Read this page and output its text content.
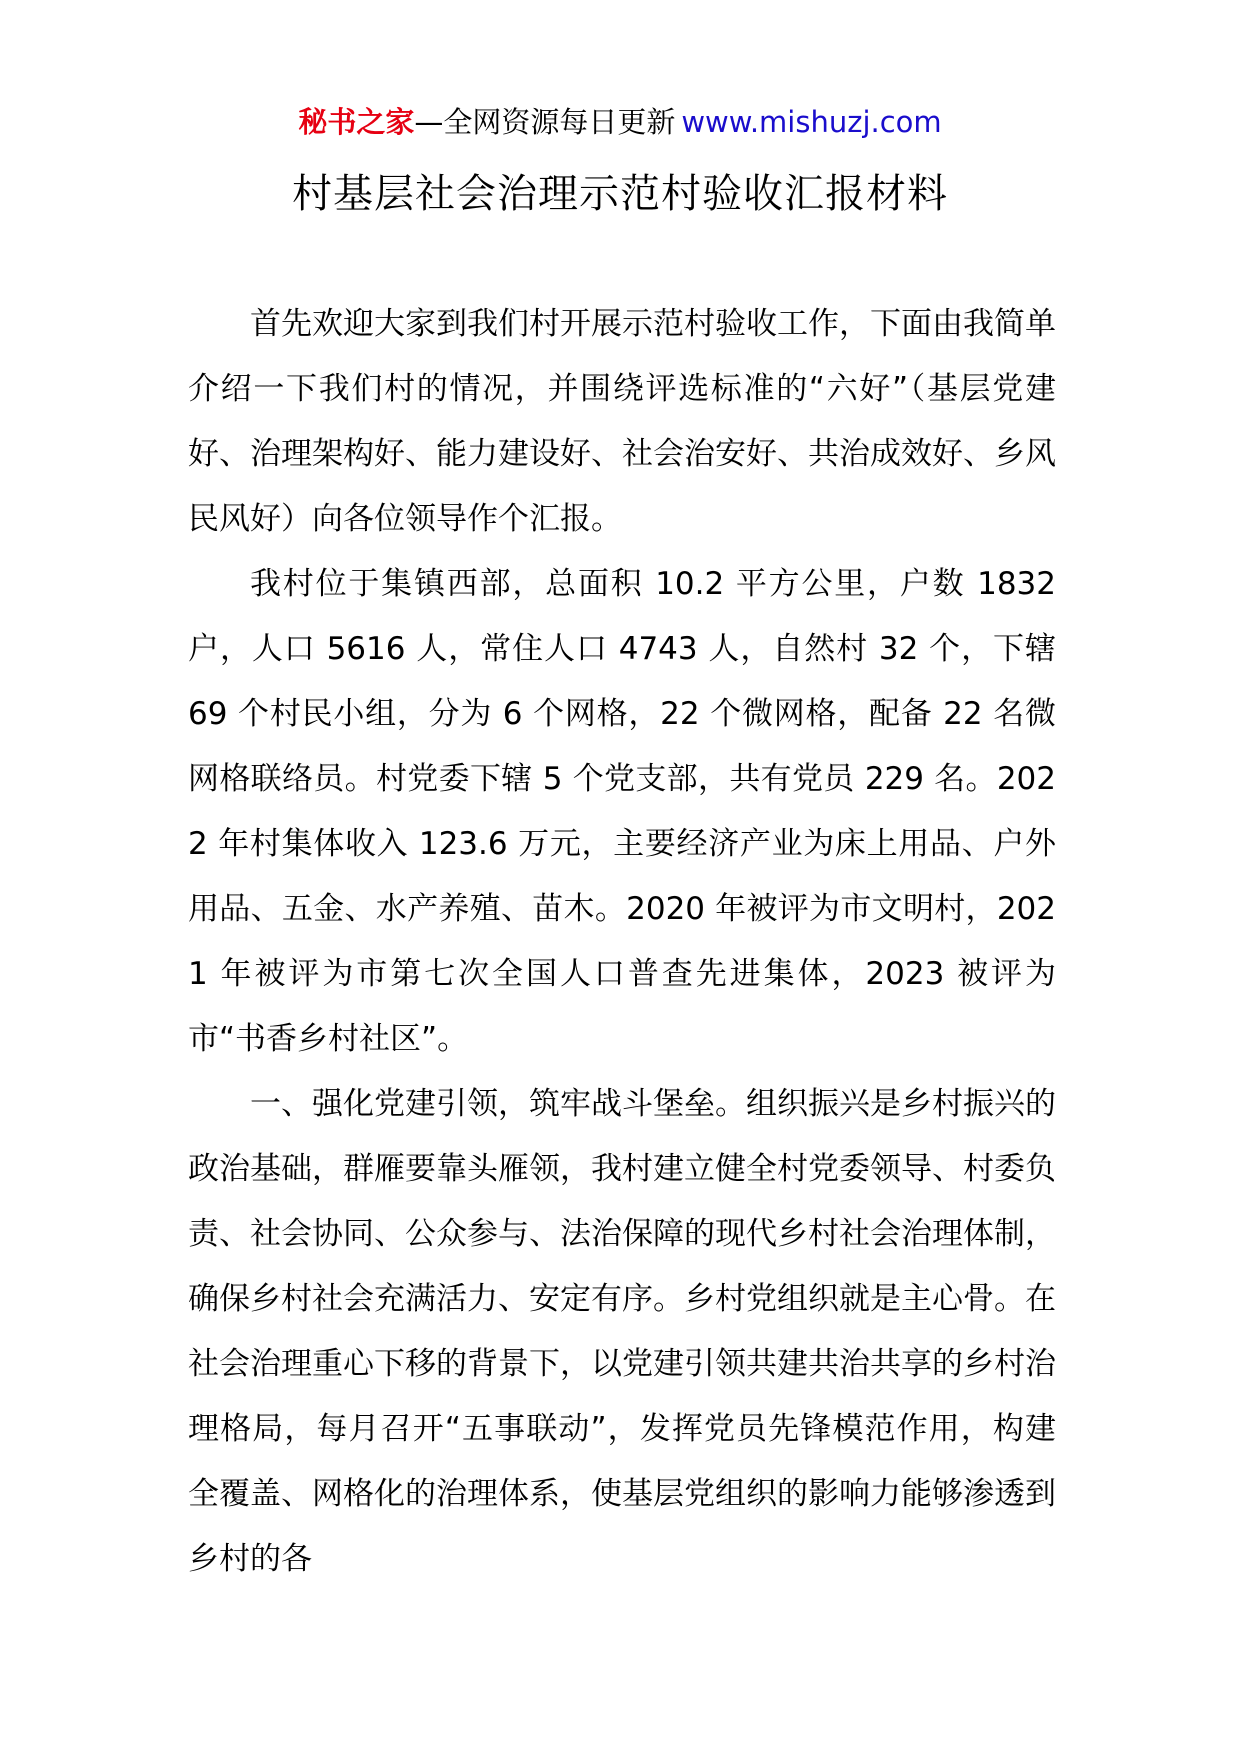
秘书之家—全网资源每日更新 www.mishuzj.com
村基层社会治理示范村验收汇报材料

首先欢迎大家到我们村开展示范村验收工作，下面由我简单介绍一下我们村的情况，并围绕评选标准的“六好”（基层党建好、治理架构好、能力建设好、社会治安好、共治成效好、乡风民风好）向各位领导作个汇报。

我村位于集镇西部，总面积 10.2 平方公里，户数 1832 户，人口 5616 人，常住人口 4743 人，自然村 32 个，下辖 69 个村民小组，分为 6 个网格，22 个微网格，配备 22 名微网格联络员。村党委下辖 5 个党支部，共有党员 229 名。2022 年村集体收入 123.6 万元，主要经济产业为床上用品、户外用品、五金、水产养殖、苗木。2020 年被评为市文明村，2021 年被评为市第七次全国人口普查先进集体，2023 被评为市“书香乡村社区”。

一、强化党建引领，筑牢战斗堡垒。组织振兴是乡村振兴的政治基础，群雁要靠头雁领，我村建立健全村党委领导、村委负责、社会协同、公众参与、法治保障的现代乡村社会治理体制，确保乡村社会充满活力、安定有序。乡村党组织就是主心骨。在社会治理重心下移的背景下，以党建引领共建共治共享的乡村治理格局，每月召开“五事联动”，发挥党员先锋模范作用，构建全覆盖、网格化的治理体系，使基层党组织的影响力能够渗透到乡村的各
